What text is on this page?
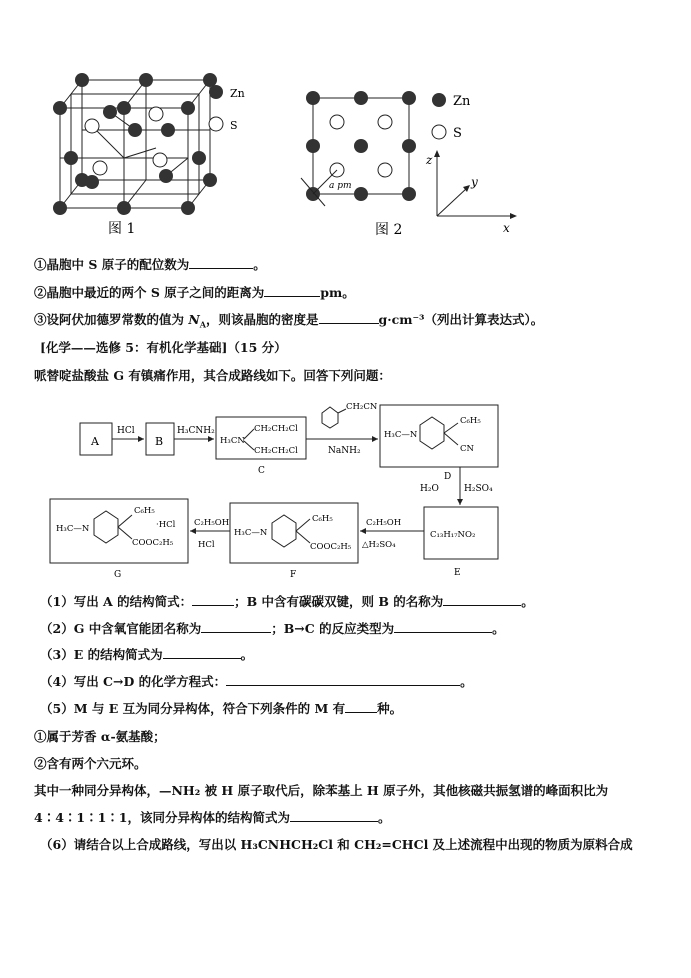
Zn
S
图 1
a pm
Zn
S
z
y
x
图 2
①晶胞中 S 原子的配位数为	。
②晶胞中最近的两个 S 原子之间的距离为	pm。
③设阿伏加德罗常数的值为 $N_A$，则该晶胞的密度是	g·cm⁻³（列出计算表达式）。
[化学——选修 5：有机化学基础]（15 分）
哌替啶盐酸盐 G 有镇痛作用，其合成路线如下。回答下列问题：
A	B
HCl	H₃CNH₂	CH₂CH₂Cl
H₃CN
CH₂CH₂Cl
C
CH₂CN
NaNH₂
H₃C—N
C₆H₅
CN
D
H₂O	H₂SO₄
C₁₃H₁₇NO₂
E
C₂H₅OH
△H₂SO₄
H₃C—N
C₆H₅
COOC₂H₅
F
C₂H₅OH
HCl
H₃C—N
C₆H₅
·HCl
COOC₂H₅
G
（1）写出 A 的结构简式：	；B 中含有碳碳双键，则 B 的名称为	。
（2）G 中含氧官能团名称为	；B→C 的反应类型为	。
（3）E 的结构简式为	。
（4）写出 C→D 的化学方程式：	。
（5）M 与 E 互为同分异构体，符合下列条件的 M 有	种。
①属于芳香 α-氨基酸；
②含有两个六元环。
其中一种同分异构体，—NH₂ 被 H 原子取代后，除苯基上 H 原子外，其他核磁共振氢谱的峰面积比为
4∶4∶1∶1∶1，该同分异构体的结构简式为	。
（6）请结合以上合成路线，写出以 H₃CNHCH₂Cl 和 CH₂=CHCl 及上述流程中出现的物质为原料合成
